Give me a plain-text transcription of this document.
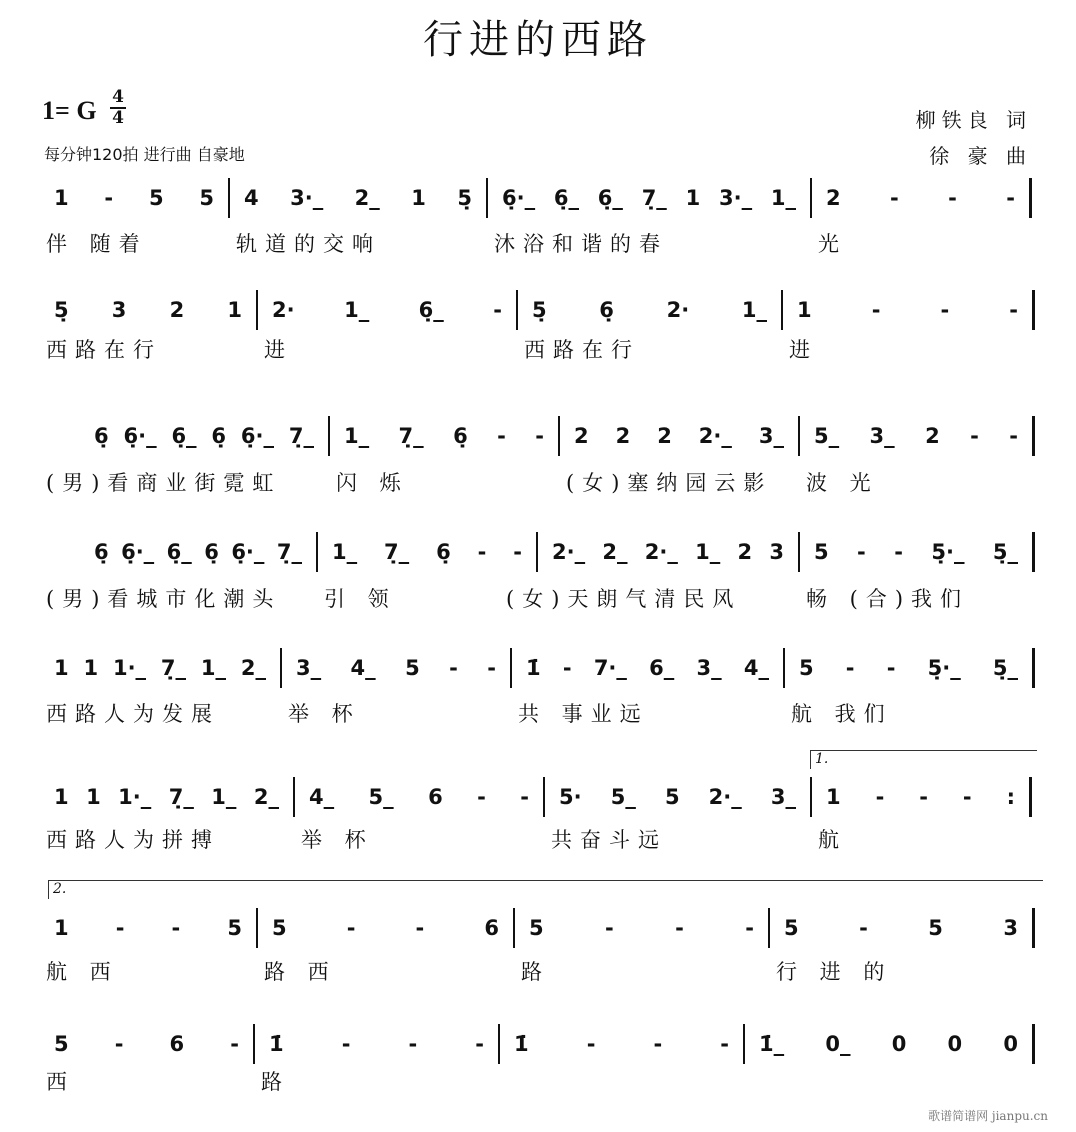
行进的西路
1= G 4
4
每分钟120拍 进行曲 自豪地
柳铁良 词
徐 豪 曲
1.
2.
1 - 5 5	4 3·_ 2_ 1 5̣	6̣·_ 6̣_ 6̣_ 7̣_ 1 3·_ 1_	2 - - -
伴 随着	轨道的交响	沐浴和谐的春	光
5̣ 3 2 1	2· 1_ 6̣_ -	5̣ 6̣ 2· 1_	1 - - -
西路在行	进	西路在行	进
6̣ 6̣·_ 6̣_ 6̣ 6̣·_ 7̣_	1_ 7̣_ 6̣ - -	2 2 2 2·_ 3_	5_ 3_ 2 - -
(男)看商业街霓虹	闪 烁	(女)塞纳园云影	波 光
6̣ 6̣·_ 6̣_ 6̣ 6̣·_ 7̣_	1_ 7̣_ 6̣ - -	2·_ 2_ 2·_ 1_ 2 3	5 - - 5̣·_ 5̣_
(男)看城市化潮头	引 领	(女)天朗气清民风	畅 (合)我们
1 1 1·_ 7̣_ 1_ 2_	3_ 4_ 5 - -	1̇ - 7·_ 6_ 3_ 4_	5 - - 5̣·_ 5̣_
西路人为发展	举 杯	共 事业远	航 我们
1 1 1·_ 7̣_ 1_ 2_	4_ 5_ 6 - -	5· 5_ 5 2·_ 3_	1 - - - :
西路人为拼搏	举 杯	共奋斗远	航
1 - - 5	5 - - 6	5 - - -	5 - 5 3
航 西	路 西	路	行 进 的
5 - 6 -	1̇ - - -	1̇ - - -	1̇_ 0_ 0 0 0
西	路
歌谱简谱网 jianpu.cn
